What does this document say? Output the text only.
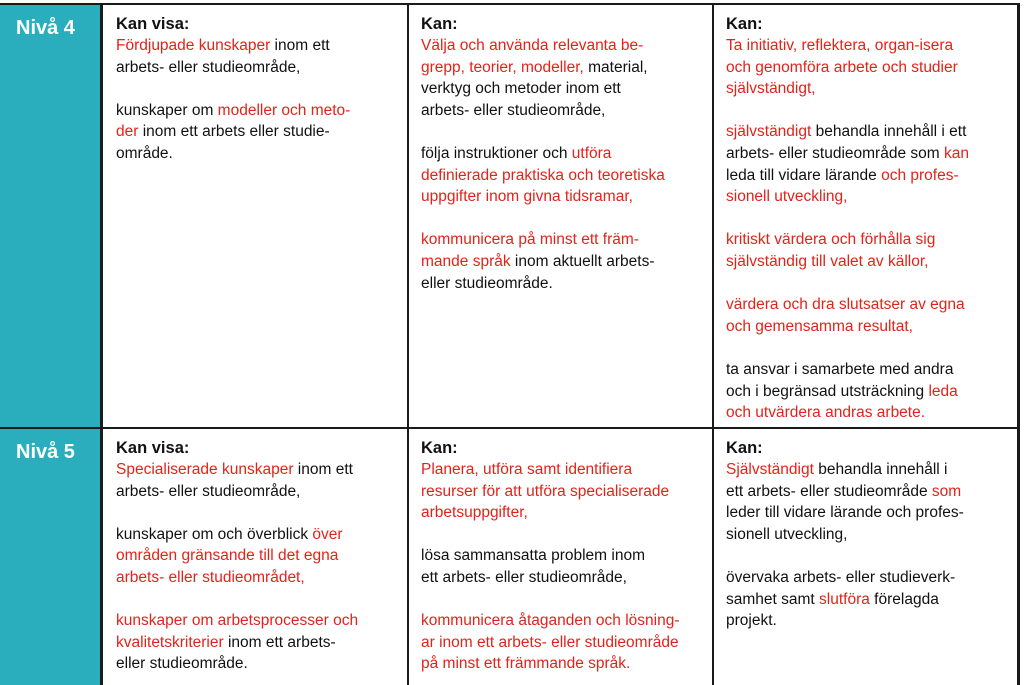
Nivå 4	Kan visa:
Fördjupade kunskaper inom ett
arbets- eller studieområde,
kunskaper om modeller och meto-
der inom ett arbets eller studie-
område.
Kan:
Välja och använda relevanta be-
grepp, teorier, modeller, material,
verktyg och metoder inom ett
arbets- eller studieområde,
följa instruktioner och utföra
definierade praktiska och teoretiska
uppgifter inom givna tidsramar,
kommunicera på minst ett främ-
mande språk inom aktuellt arbets-
eller studieområde.
Kan:
Ta initiativ, reflektera, organ-isera
och genomföra arbete och studier
självständigt,
självständigt behandla innehåll i ett
arbets- eller studieområde som kan
leda till vidare lärande och profes-
sionell utveckling,
kritiskt värdera och förhålla sig
självständig till valet av källor,
värdera och dra slutsatser av egna
och gemensamma resultat,
ta ansvar i samarbete med andra
och i begränsad utsträckning leda
och utvärdera andras arbete.
Nivå 5	Kan visa:
Specialiserade kunskaper inom ett
arbets- eller studieområde,
kunskaper om och överblick över
områden gränsande till det egna
arbets- eller studieområdet,
kunskaper om arbetsprocesser och
kvalitetskriterier inom ett arbets-
eller studieområde.
Kan:
Planera, utföra samt identifiera
resurser för att utföra specialiserade
arbetsuppgifter,
lösa sammansatta problem inom
ett arbets- eller studieområde,
kommunicera åtaganden och lösning-
ar inom ett arbets- eller studieområde
på minst ett främmande språk.
Kan:
Självständigt behandla innehåll i
ett arbets- eller studieområde som
leder till vidare lärande och profes-
sionell utveckling,
övervaka arbets- eller studieverk-
samhet samt slutföra förelagda
projekt.
